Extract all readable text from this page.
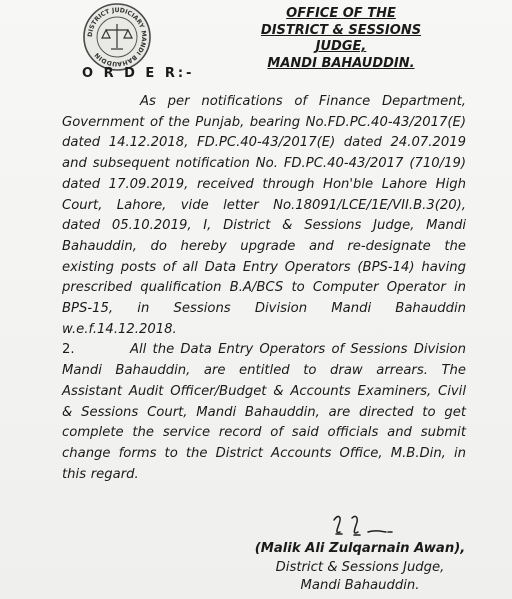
DISTRICT JUDICIARY MANDI BAHAUDDIN
OFFICE OF THE
DISTRICT & SESSIONS JUDGE,
MANDI BAHAUDDIN.
O R D E R:-

As per notifications of Finance Department, Government of the Punjab, bearing No.FD.PC.40-43/2017(E) dated 14.12.2018, FD.PC.40-43/2017(E) dated 24.07.2019 and subsequent notification No. FD.PC.40-43/2017 (710/19) dated 17.09.2019, received through Hon'ble Lahore High Court, Lahore, vide letter No.18091/LCE/1E/VII.B.3(20), dated 05.10.2019, I, District & Sessions Judge, Mandi Bahauddin, do hereby upgrade and re-designate the existing posts of all Data Entry Operators (BPS-14) having prescribed qualification B.A/BCS to Computer Operator in BPS-15, in Sessions Division Mandi Bahauddin w.e.f.14.12.2018.

2.	All the Data Entry Operators of Sessions Division Mandi Bahauddin, are entitled to draw arrears. The Assistant Audit Officer/Budget & Accounts Examiners, Civil & Sessions Court, Mandi Bahauddin, are directed to get complete the service record of said officials and submit change forms to the District Accounts Office, M.B.Din, in this regard.

(Malik Ali Zulqarnain Awan),
District & Sessions Judge,
Mandi Bahauddin.
